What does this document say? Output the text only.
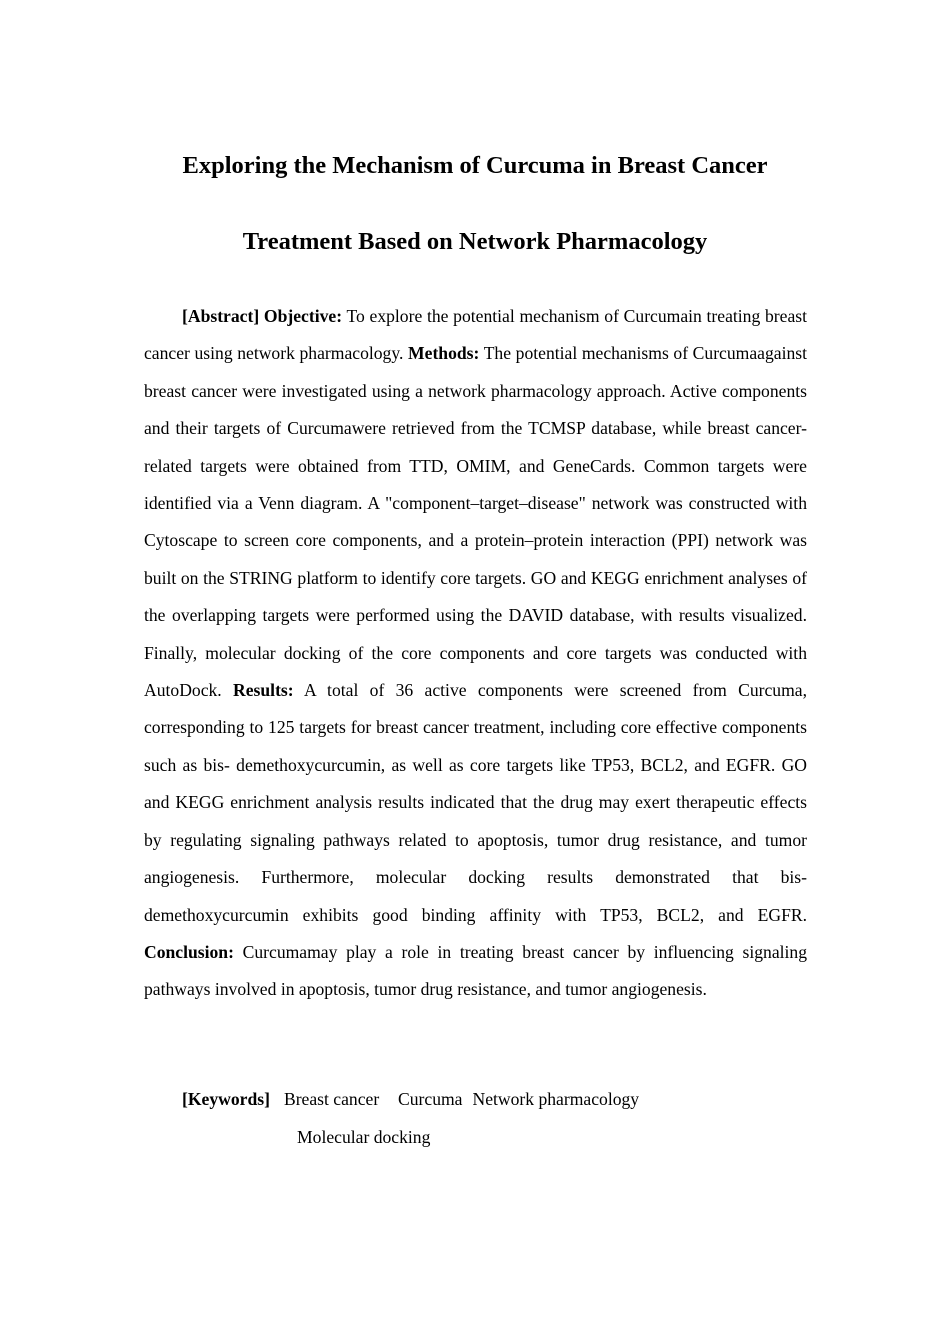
Exploring the Mechanism of Curcuma in Breast Cancer
Treatment Based on Network Pharmacology

[Abstract] Objective: To explore the potential mechanism of Curcumain treating breast cancer using network pharmacology. Methods: The potential mechanisms of Curcumaagainst breast cancer were investigated using a network pharmacology approach. Active components and their targets of Curcumawere retrieved from the TCMSP database, while breast cancer-related targets were obtained from TTD, OMIM, and GeneCards. Common targets were identified via a Venn diagram. A "component–target–disease" network was constructed with Cytoscape to screen core components, and a protein–protein interaction (PPI) network was built on the STRING platform to identify core targets. GO and KEGG enrichment analyses of the overlapping targets were performed using the DAVID database, with results visualized. Finally, molecular docking of the core components and core targets was conducted with AutoDock. Results: A total of 36 active components were screened from Curcuma, corresponding to 125 targets for breast cancer treatment, including core effective components such as bis- demethoxycurcumin, as well as core targets like TP53, BCL2, and EGFR. GO and KEGG enrichment analysis results indicated that the drug may exert therapeutic effects by regulating signaling pathways related to apoptosis, tumor drug resistance, and tumor angiogenesis. Furthermore, molecular docking results demonstrated that bis-demethoxycurcumin exhibits good binding affinity with TP53, BCL2, and EGFR. Conclusion: Curcumamay play a role in treating breast cancer by influencing signaling pathways involved in apoptosis, tumor drug resistance, and tumor angiogenesis.

[Keywords] Breast cancer Curcuma Network pharmacology
Molecular docking
